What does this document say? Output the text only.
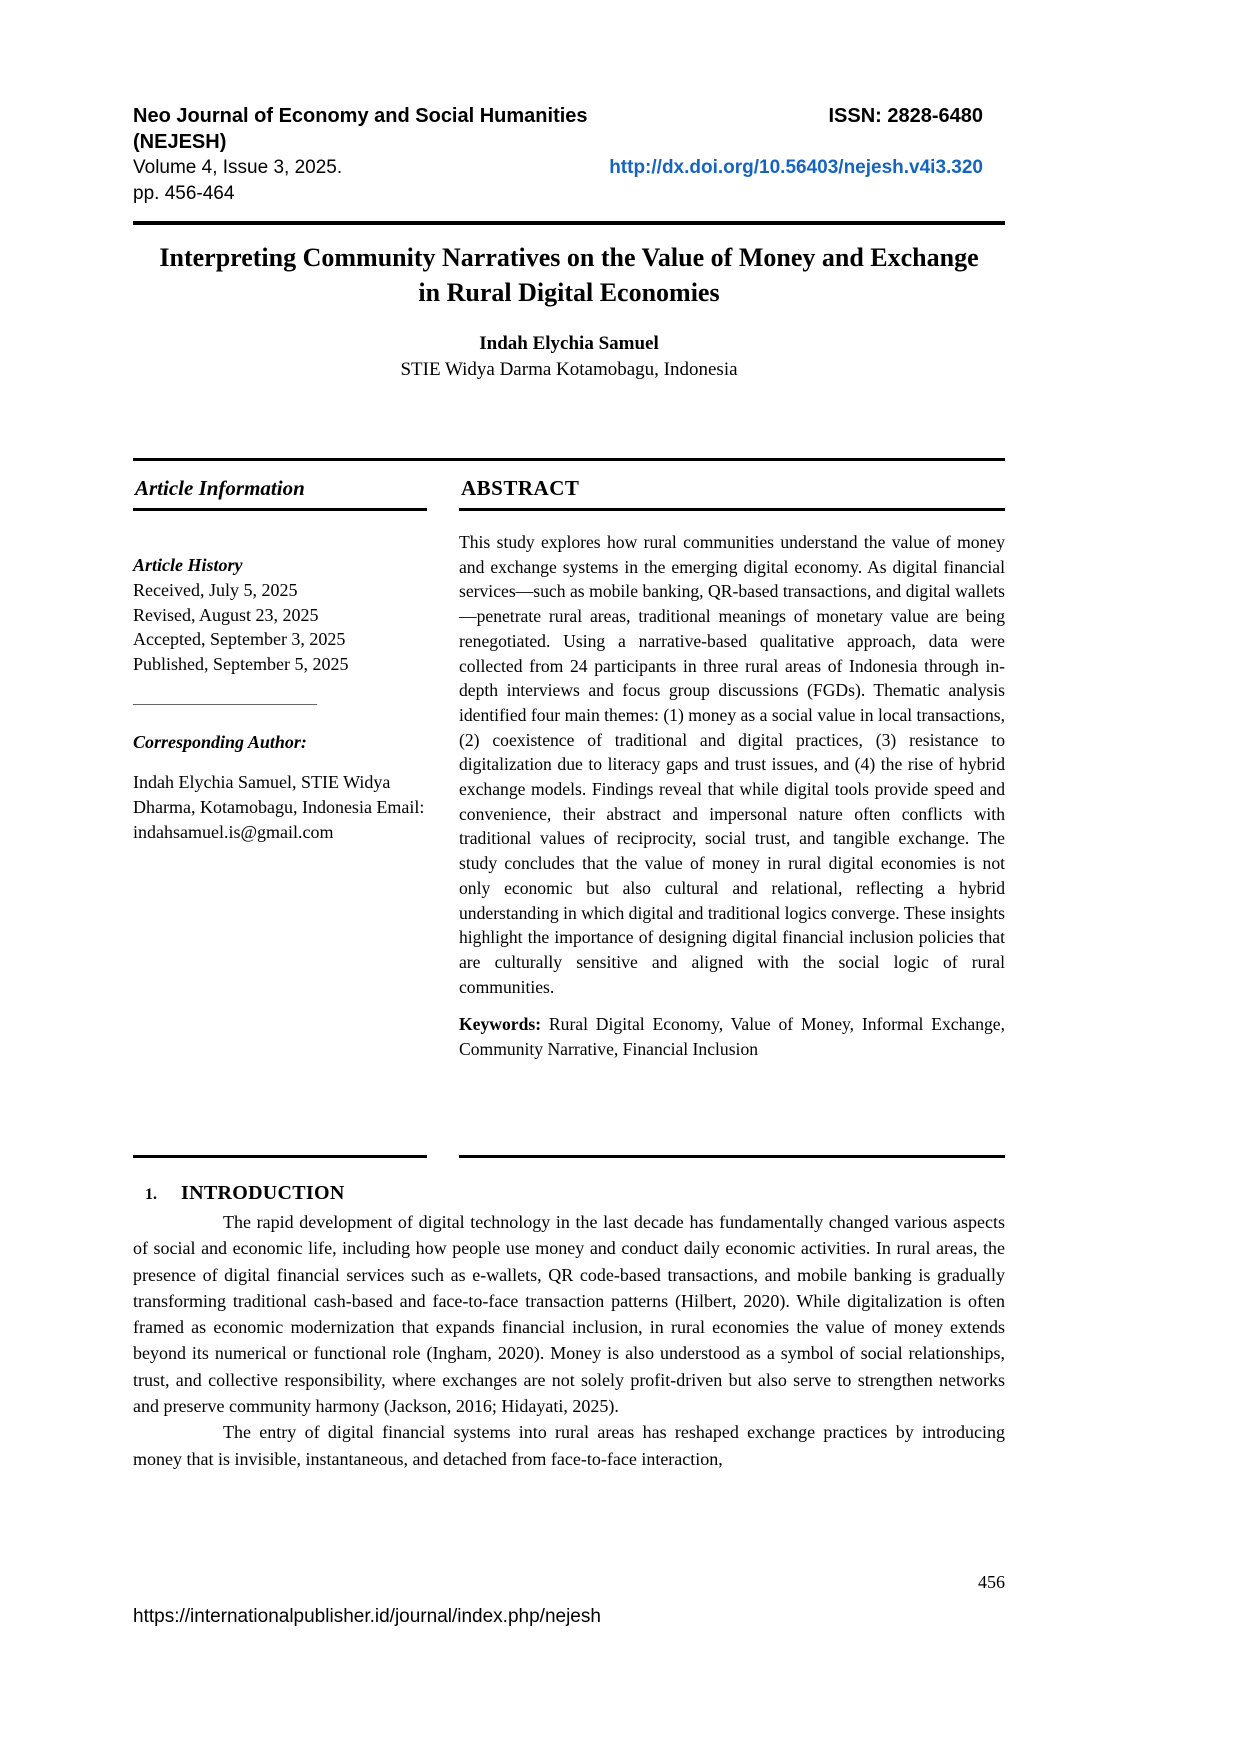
Neo Journal of Economy and Social Humanities (NEJESH)
Volume 4, Issue 3, 2025.
pp. 456-464
ISSN: 2828-6480
http://dx.doi.org/10.56403/nejesh.v4i3.320
Interpreting Community Narratives on the Value of Money and Exchange in Rural Digital Economies
Indah Elychia Samuel
STIE Widya Darma Kotamobagu, Indonesia
Article Information
Article History
Received, July 5, 2025
Revised, August 23, 2025
Accepted, September 3, 2025
Published, September 5, 2025
_______________________
Corresponding Author:
Indah Elychia Samuel, STIE Widya Dharma, Kotamobagu, Indonesia Email: indahsamuel.is@gmail.com
ABSTRACT
This study explores how rural communities understand the value of money and exchange systems in the emerging digital economy. As digital financial services—such as mobile banking, QR-based transactions, and digital wallets—penetrate rural areas, traditional meanings of monetary value are being renegotiated. Using a narrative-based qualitative approach, data were collected from 24 participants in three rural areas of Indonesia through in-depth interviews and focus group discussions (FGDs). Thematic analysis identified four main themes: (1) money as a social value in local transactions, (2) coexistence of traditional and digital practices, (3) resistance to digitalization due to literacy gaps and trust issues, and (4) the rise of hybrid exchange models. Findings reveal that while digital tools provide speed and convenience, their abstract and impersonal nature often conflicts with traditional values of reciprocity, social trust, and tangible exchange. The study concludes that the value of money in rural digital economies is not only economic but also cultural and relational, reflecting a hybrid understanding in which digital and traditional logics converge. These insights highlight the importance of designing digital financial inclusion policies that are culturally sensitive and aligned with the social logic of rural communities.

Keywords: Rural Digital Economy, Value of Money, Informal Exchange, Community Narrative, Financial Inclusion

1. INTRODUCTION

The rapid development of digital technology in the last decade has fundamentally changed various aspects of social and economic life, including how people use money and conduct daily economic activities. In rural areas, the presence of digital financial services such as e-wallets, QR code-based transactions, and mobile banking is gradually transforming traditional cash-based and face-to-face transaction patterns (Hilbert, 2020). While digitalization is often framed as economic modernization that expands financial inclusion, in rural economies the value of money extends beyond its numerical or functional role (Ingham, 2020). Money is also understood as a symbol of social relationships, trust, and collective responsibility, where exchanges are not solely profit-driven but also serve to strengthen networks and preserve community harmony (Jackson, 2016; Hidayati, 2025).

The entry of digital financial systems into rural areas has reshaped exchange practices by introducing money that is invisible, instantaneous, and detached from face-to-face interaction,

456
https://internationalpublisher.id/journal/index.php/nejesh
